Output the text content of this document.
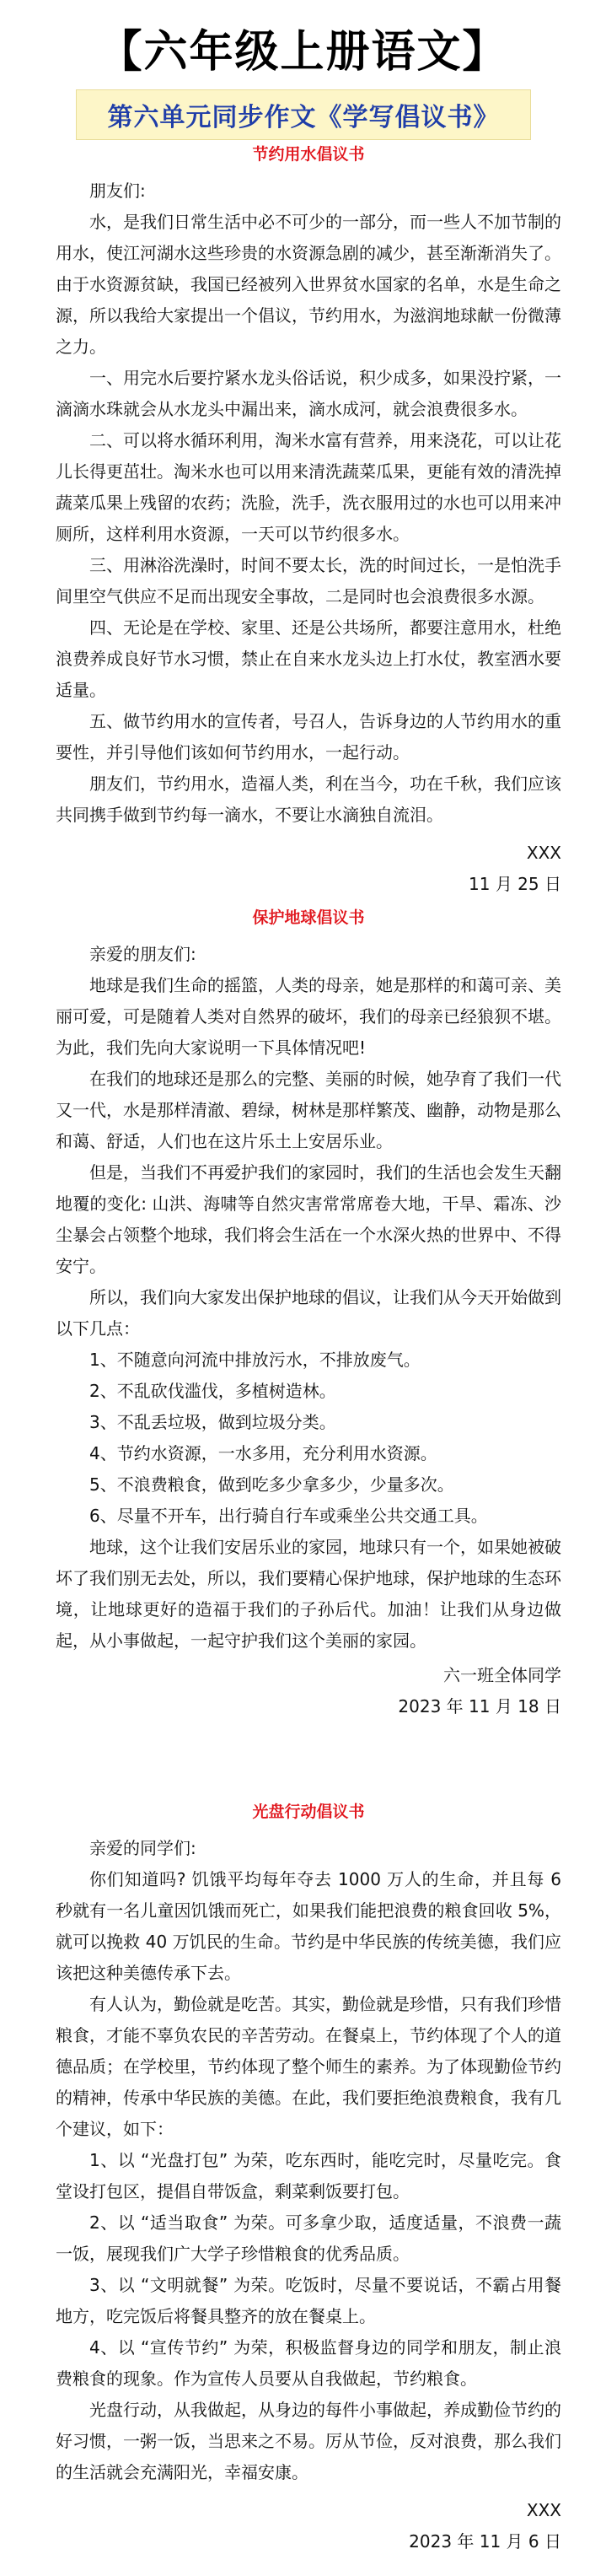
【六年级上册语文】
第六单元同步作文《学写倡议书》
节约用水倡议书

朋友们:

水，是我们日常生活中必不可少的一部分，而一些人不加节制的用水，使江河湖水这些珍贵的水资源急剧的减少，甚至渐渐消失了。由于水资源贫缺，我国已经被列入世界贫水国家的名单，水是生命之源，所以我给大家提出一个倡议，节约用水，为滋润地球献一份微薄之力。

一、用完水后要拧紧水龙头俗话说，积少成多，如果没拧紧，一滴滴水珠就会从水龙头中漏出来，滴水成河，就会浪费很多水。

二、可以将水循环利用，淘米水富有营养，用来浇花，可以让花儿长得更茁壮。淘米水也可以用来清洗蔬菜瓜果，更能有效的清洗掉蔬菜瓜果上残留的农药；洗脸，洗手，洗衣服用过的水也可以用来冲厕所，这样利用水资源，一天可以节约很多水。

三、用淋浴洗澡时，时间不要太长，洗的时间过长，一是怕洗手间里空气供应不足而出现安全事故，二是同时也会浪费很多水源。

四、无论是在学校、家里、还是公共场所，都要注意用水，杜绝浪费养成良好节水习惯，禁止在自来水龙头边上打水仗，教室洒水要适量。

五、做节约用水的宣传者，号召人，告诉身边的人节约用水的重要性，并引导他们该如何节约用水，一起行动。

朋友们，节约用水，造福人类，利在当今，功在千秋，我们应该共同携手做到节约每一滴水，不要让水滴独自流泪。

XXX

11 月 25 日

保护地球倡议书

亲爱的朋友们:

地球是我们生命的摇篮，人类的母亲，她是那样的和蔼可亲、美丽可爱，可是随着人类对自然界的破坏，我们的母亲已经狼狈不堪。为此，我们先向大家说明一下具体情况吧!

在我们的地球还是那么的完整、美丽的时候，她孕育了我们一代又一代，水是那样清澈、碧绿，树林是那样繁茂、幽静，动物是那么和蔼、舒适，人们也在这片乐土上安居乐业。

但是，当我们不再爱护我们的家园时，我们的生活也会发生天翻地覆的变化: 山洪、海啸等自然灾害常常席卷大地，干旱、霜冻、沙尘暴会占领整个地球，我们将会生活在一个水深火热的世界中、不得安宁。

所以，我们向大家发出保护地球的倡议，让我们从今天开始做到以下几点：

1、不随意向河流中排放污水，不排放废气。

2、不乱砍伐滥伐，多植树造林。

3、不乱丢垃圾，做到垃圾分类。

4、节约水资源，一水多用，充分利用水资源。

5、不浪费粮食，做到吃多少拿多少，少量多次。

6、尽量不开车，出行骑自行车或乘坐公共交通工具。

地球，这个让我们安居乐业的家园，地球只有一个，如果她被破坏了我们别无去处，所以，我们要精心保护地球，保护地球的生态环境，让地球更好的造福于我们的子孙后代。加油！让我们从身边做起，从小事做起，一起守护我们这个美丽的家园。

六一班全体同学

2023 年 11 月 18 日

光盘行动倡议书

亲爱的同学们:

你们知道吗? 饥饿平均每年夺去 1000 万人的生命，并且每 6 秒就有一名儿童因饥饿而死亡，如果我们能把浪费的粮食回收 5%，就可以挽救 40 万饥民的生命。节约是中华民族的传统美德，我们应该把这种美德传承下去。

有人认为，勤俭就是吃苦。其实，勤俭就是珍惜，只有我们珍惜粮食，才能不辜负农民的辛苦劳动。在餐桌上，节约体现了个人的道德品质；在学校里，节约体现了整个师生的素养。为了体现勤俭节约的精神，传承中华民族的美德。在此，我们要拒绝浪费粮食，我有几个建议，如下：

1、以 “光盘打包” 为荣，吃东西时，能吃完时，尽量吃完。食堂设打包区，提倡自带饭盒，剩菜剩饭要打包。

2、以 “适当取食” 为荣。可多拿少取，适度适量，不浪费一蔬一饭，展现我们广大学子珍惜粮食的优秀品质。

3、以 “文明就餐” 为荣。吃饭时，尽量不要说话，不霸占用餐地方，吃完饭后将餐具整齐的放在餐桌上。

4、以 “宣传节约” 为荣，积极监督身边的同学和朋友，制止浪费粮食的现象。作为宣传人员要从自我做起，节约粮食。

光盘行动，从我做起，从身边的每件小事做起，养成勤俭节约的好习惯，一粥一饭，当思来之不易。厉从节俭，反对浪费，那么我们的生活就会充满阳光，幸福安康。

XXX

2023 年 11 月 6 日
